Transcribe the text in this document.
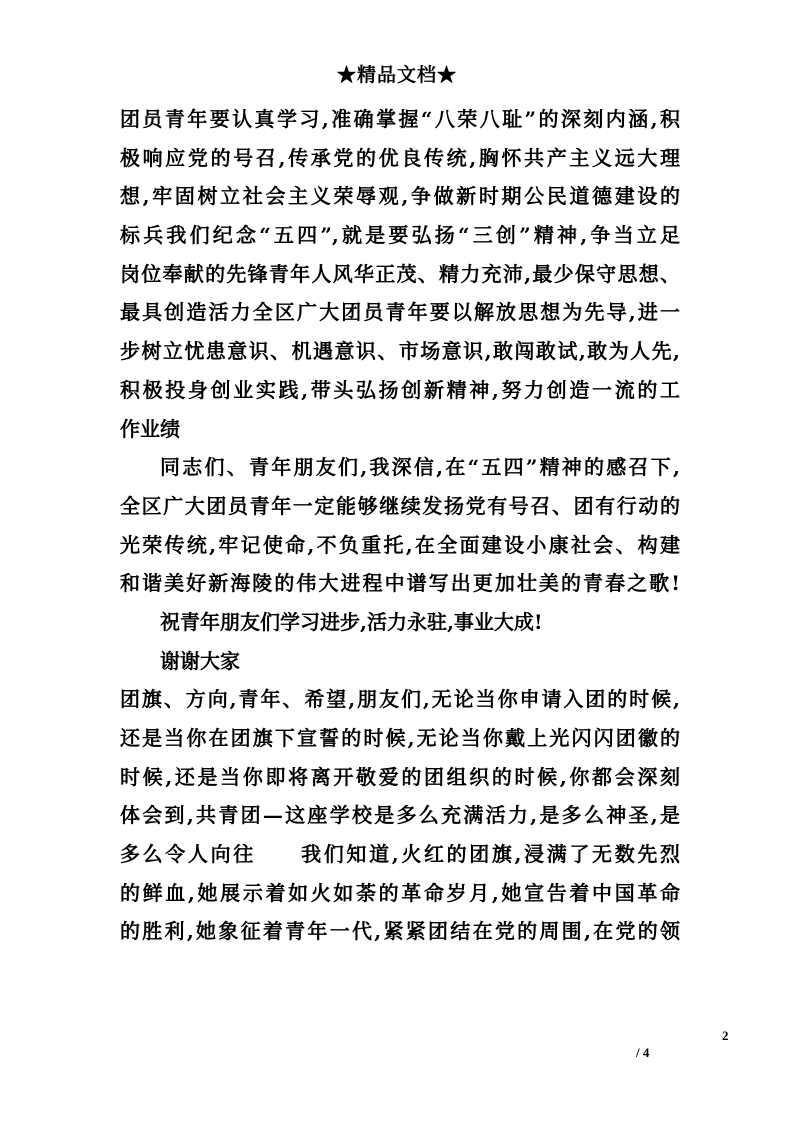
★精品文档★
团员青年要认真学习,准确掌握“八荣八耻”的深刻内涵,积
极响应党的号召,传承党的优良传统,胸怀共产主义远大理
想,牢固树立社会主义荣辱观,争做新时期公民道德建设的
标兵我们纪念“五四”,就是要弘扬“三创”精神,争当立足
岗位奉献的先锋青年人风华正茂、精力充沛,最少保守思想、
最具创造活力全区广大团员青年要以解放思想为先导,进一
步树立忧患意识、机遇意识、市场意识,敢闯敢试,敢为人先,
积极投身创业实践,带头弘扬创新精神,努力创造一流的工
作业绩
同志们、青年朋友们,我深信,在“五四”精神的感召下,
全区广大团员青年一定能够继续发扬党有号召、团有行动的
光荣传统,牢记使命,不负重托,在全面建设小康社会、构建
和谐美好新海陵的伟大进程中谱写出更加壮美的青春之歌!
祝青年朋友们学习进步,活力永驻,事业大成!
谢谢大家
团旗、方向,青年、希望,朋友们,无论当你申请入团的时候,
还是当你在团旗下宣誓的时候,无论当你戴上光闪闪团徽的
时候,还是当你即将离开敬爱的团组织的时候,你都会深刻
体会到,共青团—这座学校是多么充满活力,是多么神圣,是
多么令人向往　　我们知道,火红的团旗,浸满了无数先烈
的鲜血,她展示着如火如荼的革命岁月,她宣告着中国革命
的胜利,她象征着青年一代,紧紧团结在党的周围,在党的领
2
/ 4
